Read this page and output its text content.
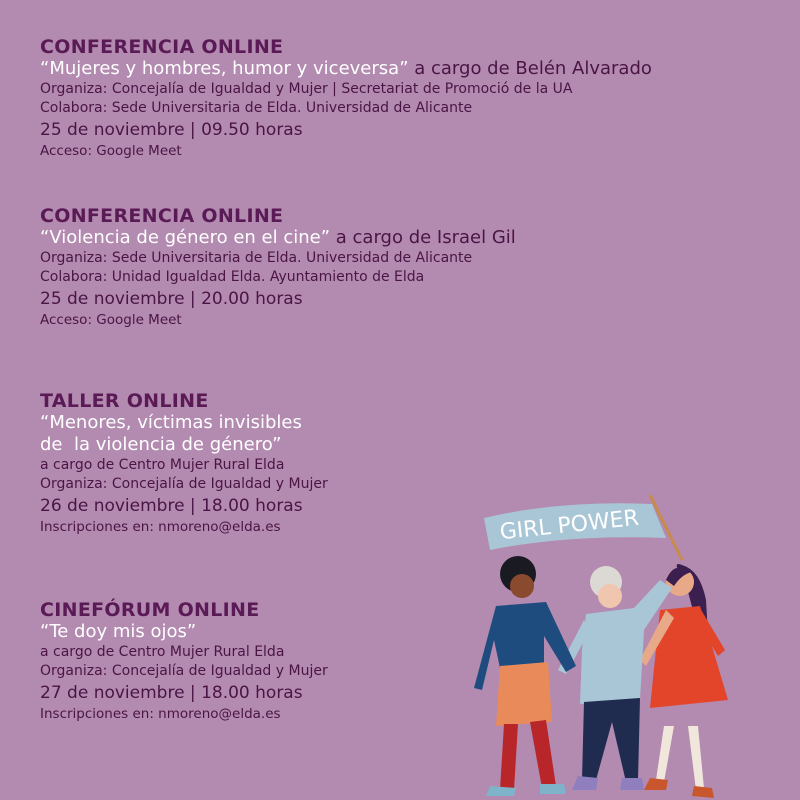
CONFERENCIA ONLINE
“Mujeres y hombres, humor y viceversa” a cargo de Belén Alvarado
Organiza: Concejalía de Igualdad y Mujer | Secretariat de Promoció de la UA
Colabora: Sede Universitaria de Elda. Universidad de Alicante
25 de noviembre | 09.50 horas
Acceso: Google Meet
CONFERENCIA ONLINE
“Violencia de género en el cine” a cargo de Israel Gil
Organiza: Sede Universitaria de Elda. Universidad de Alicante
Colabora: Unidad Igualdad Elda. Ayuntamiento de Elda
25 de noviembre | 20.00 horas
Acceso: Google Meet
TALLER ONLINE
“Menores, víctimas invisibles
de  la violencia de género”
a cargo de Centro Mujer Rural Elda
Organiza: Concejalía de Igualdad y Mujer
26 de noviembre | 18.00 horas
Inscripciones en: nmoreno@elda.es
CINEFÓRUM ONLINE
“Te doy mis ojos”
a cargo de Centro Mujer Rural Elda
Organiza: Concejalía de Igualdad y Mujer
27 de noviembre | 18.00 horas
Inscripciones en: nmoreno@elda.es
GIRL POWER
